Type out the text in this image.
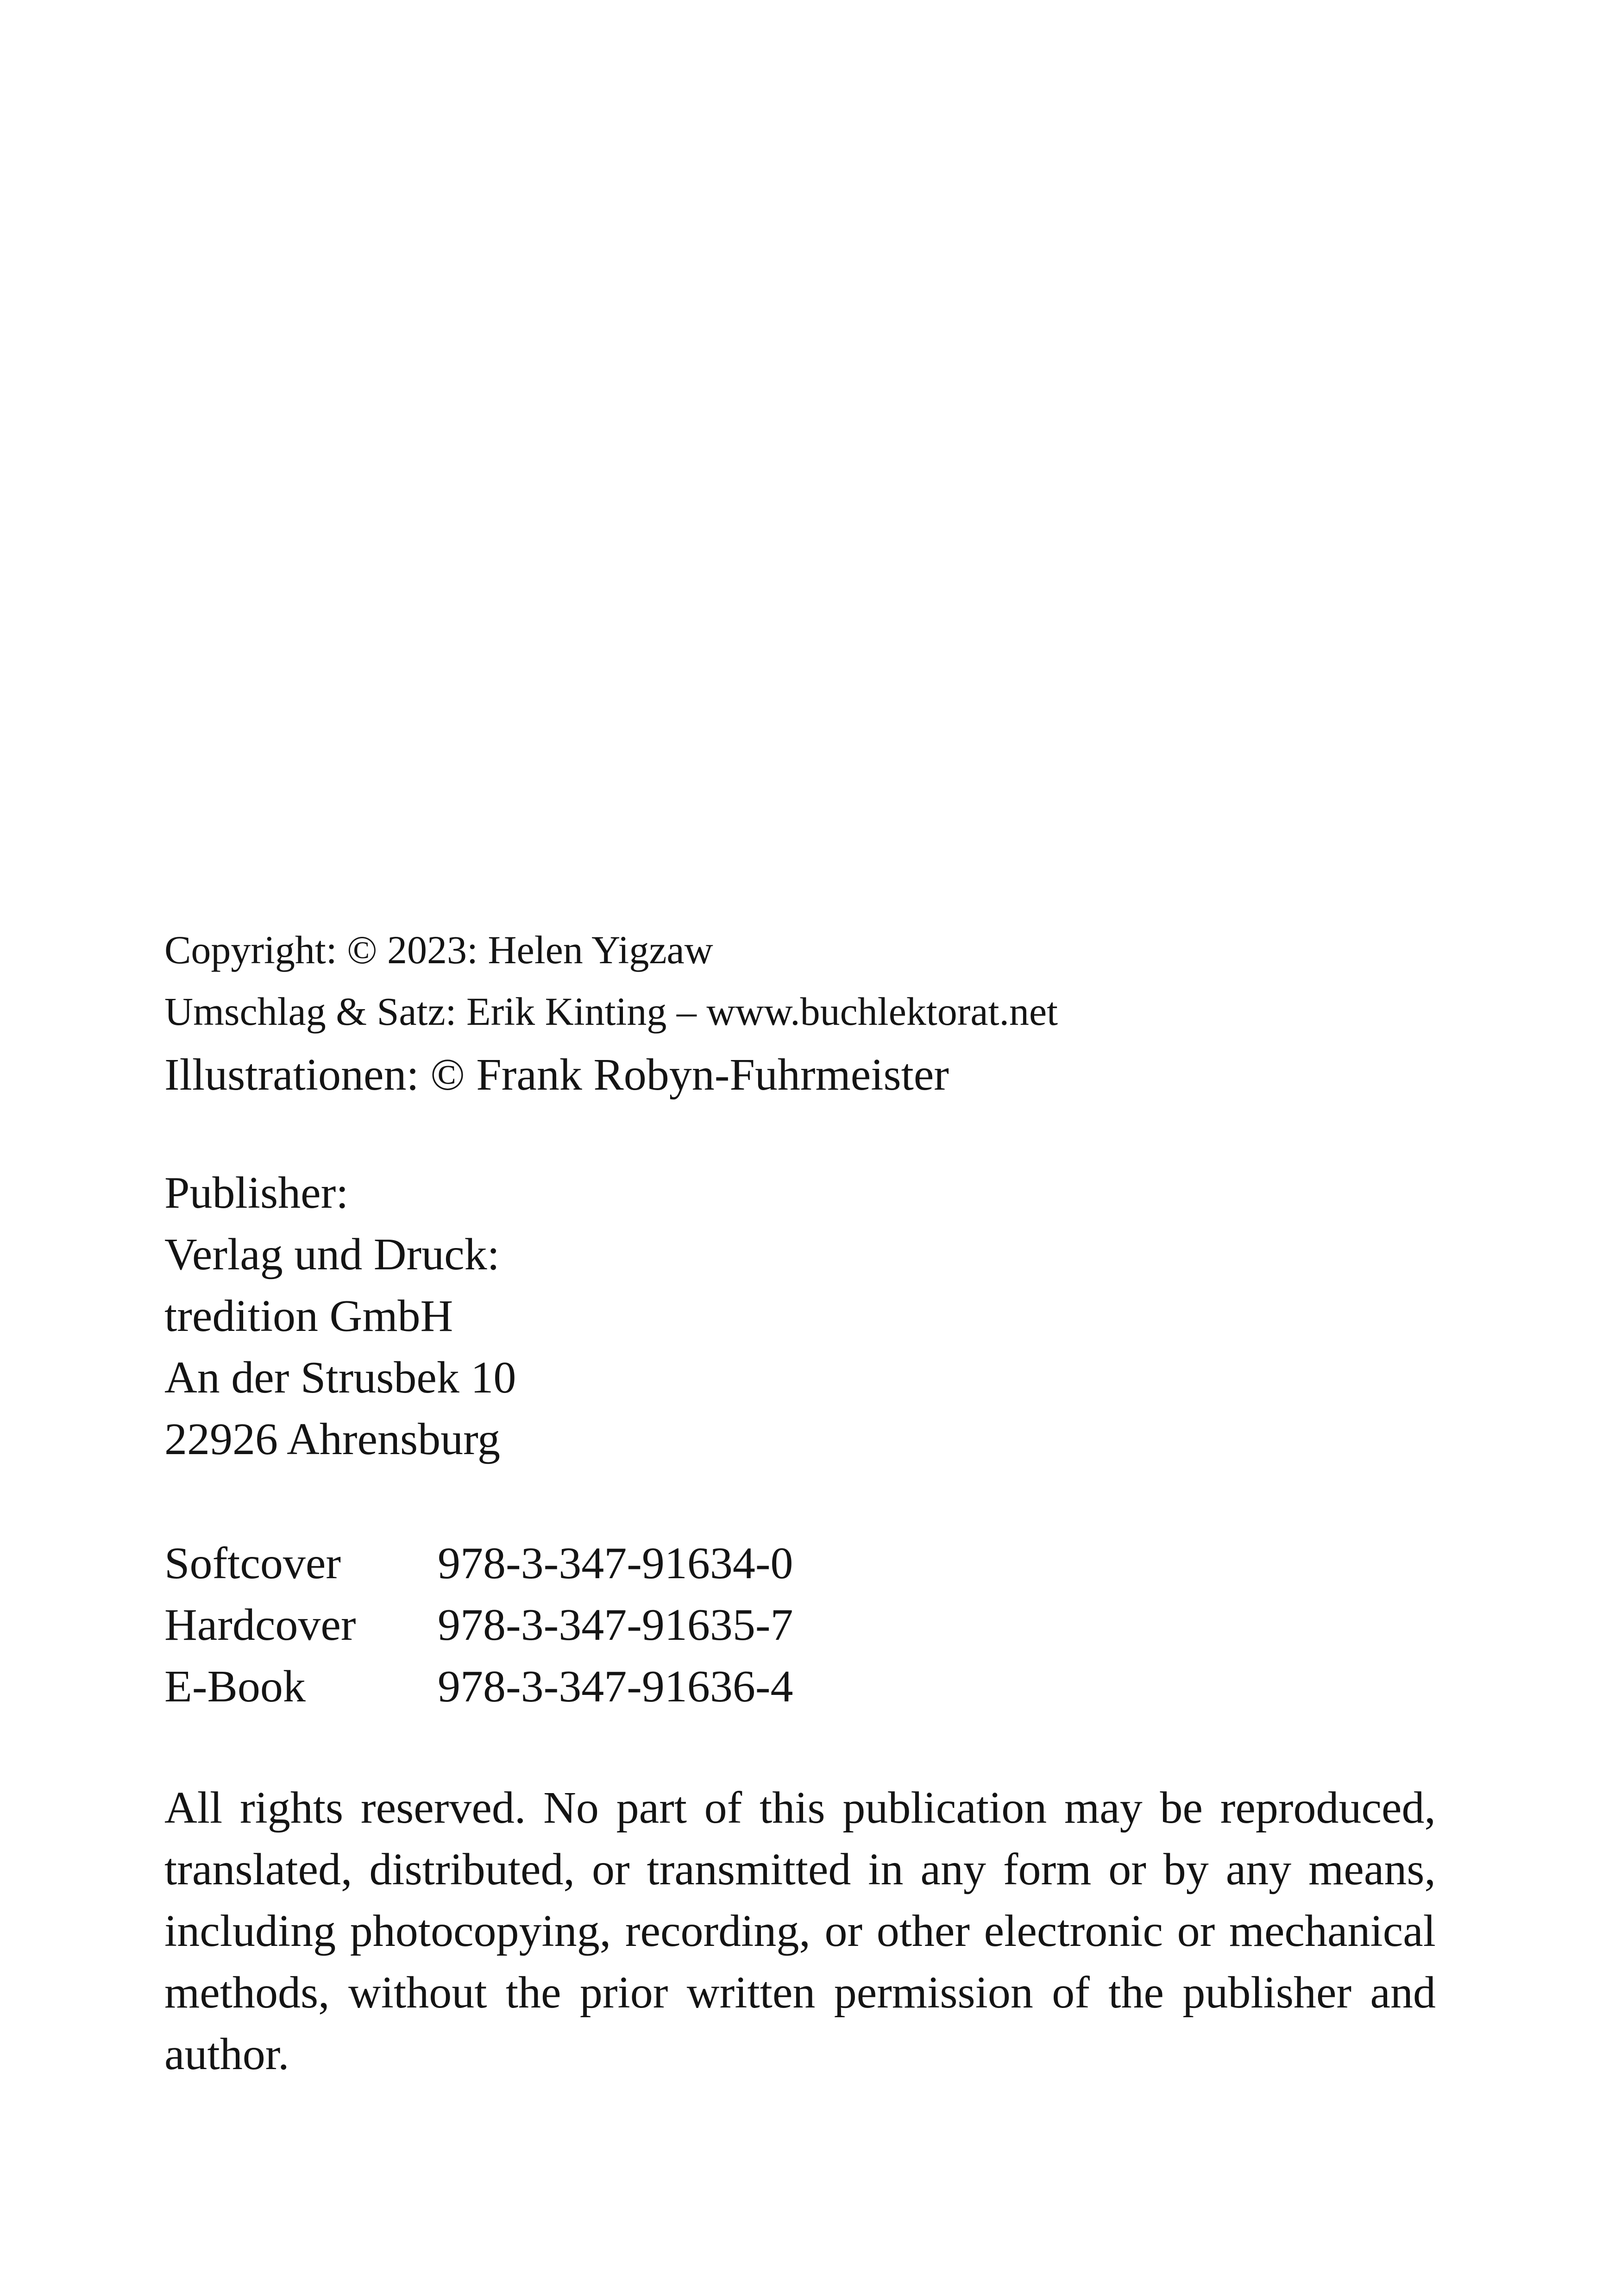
Copyright: © 2023: Helen Yigzaw
Umschlag & Satz: Erik Kinting – www.buchlektorat.net
Illustrationen: © Frank Robyn-Fuhrmeister
Publisher:
Verlag und Druck:
tredition GmbH
An der Strusbek 10
22926 Ahrensburg
Softcover	978-3-347-91634-0
Hardcover	978-3-347-91635-7
E-Book	978-3-347-91636-4

All rights reserved. No part of this publication may be reproduced, translated, distributed, or transmitted in any form or by any means, including photocopying, recording, or other electronic or mechanical methods, without the prior written permission of the publisher and author.
